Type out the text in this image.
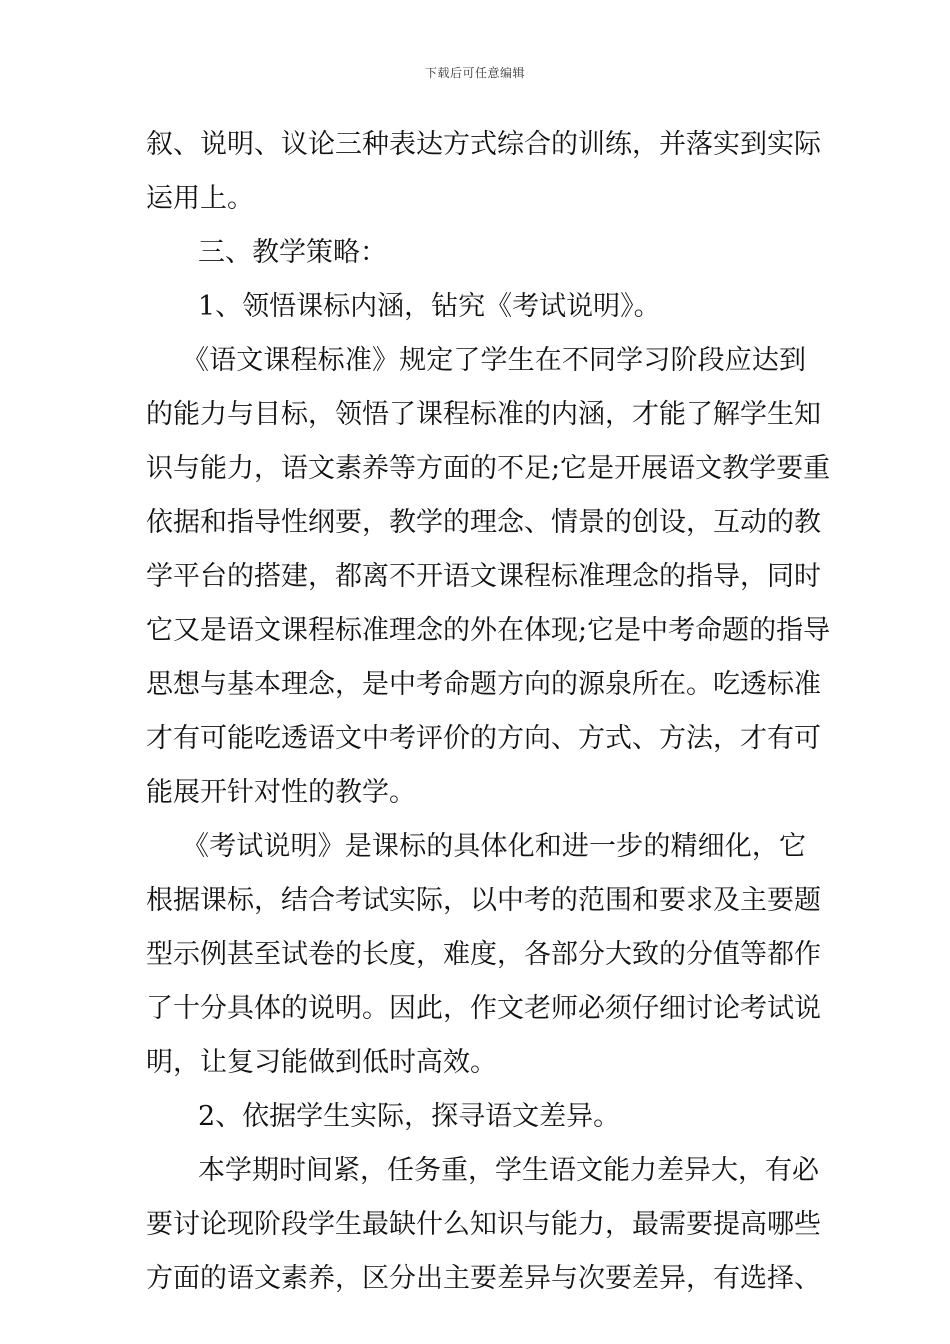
下载后可任意编辑
叙、说明、议论三种表达方式综合的训练，并落实到实际
运用上。
三、教学策略：
1、领悟课标内涵，钻究《考试说明》。
《语文课程标准》规定了学生在不同学习阶段应达到
的能力与目标，领悟了课程标准的内涵，才能了解学生知
识与能力，语文素养等方面的不足;它是开展语文教学要重
依据和指导性纲要，教学的理念、情景的创设，互动的教
学平台的搭建，都离不开语文课程标准理念的指导，同时
它又是语文课程标准理念的外在体现;它是中考命题的指导
思想与基本理念，是中考命题方向的源泉所在。吃透标准
才有可能吃透语文中考评价的方向、方式、方法，才有可
能展开针对性的教学。
《考试说明》是课标的具体化和进一步的精细化，它
根据课标，结合考试实际，以中考的范围和要求及主要题
型示例甚至试卷的长度，难度，各部分大致的分值等都作
了十分具体的说明。因此，作文老师必须仔细讨论考试说
明，让复习能做到低时高效。
2、依据学生实际，探寻语文差异。
本学期时间紧，任务重，学生语文能力差异大，有必
要讨论现阶段学生最缺什么知识与能力，最需要提高哪些
方面的语文素养，区分出主要差异与次要差异，有选择、
